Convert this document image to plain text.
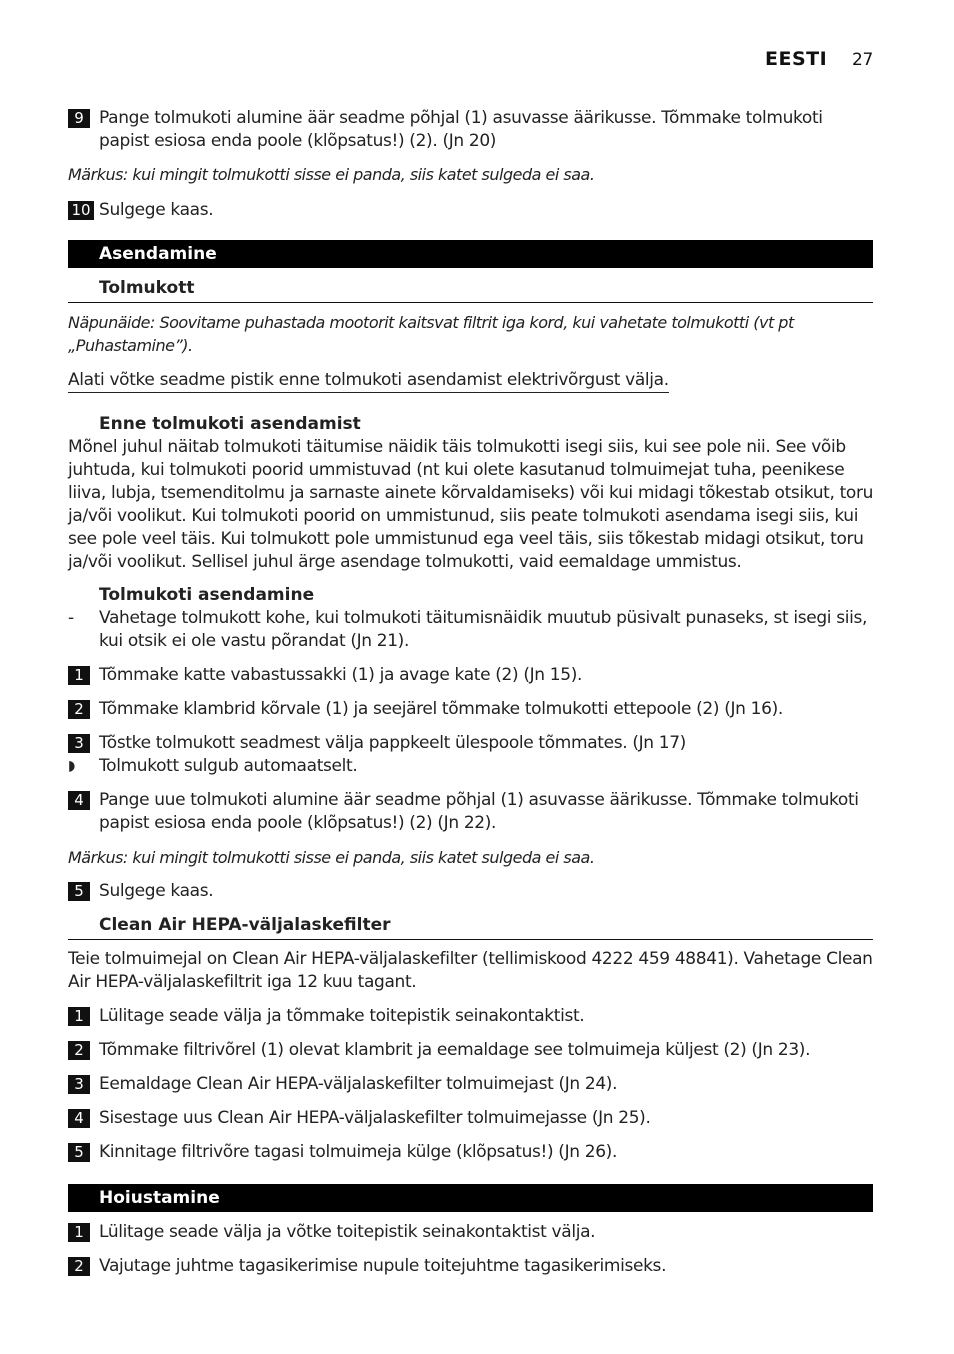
EESTI 27
9 Pange tolmukoti alumine äär seadme põhjal (1) asuvasse äärikusse. Tõmmake tolmukoti papist esiosa enda poole (klõpsatus!) (2). (Jn 20)
Märkus: kui mingit tolmukotti sisse ei panda, siis katet sulgeda ei saa.
10 Sulgege kaas.
Asendamine
Tolmukott
Näpunäide: Soovitame puhastada mootorit kaitsvat filtrit iga kord, kui vahetate tolmukotti (vt pt „Puhastamine”).
Alati võtke seadme pistik enne tolmukoti asendamist elektrivõrgust välja.
Enne tolmukoti asendamist
Mõnel juhul näitab tolmukoti täitumise näidik täis tolmukotti isegi siis, kui see pole nii. See võib juhtuda, kui tolmukoti poorid ummistuvad (nt kui olete kasutanud tolmuimejat tuha, peenikese liiva, lubja, tsemenditolmu ja sarnaste ainete kõrvaldamiseks) või kui midagi tõkestab otsikut, toru ja/või voolikut. Kui tolmukoti poorid on ummistunud, siis peate tolmukoti asendama isegi siis, kui see pole veel täis. Kui tolmukott pole ummistunud ega veel täis, siis tõkestab midagi otsikut, toru ja/või voolikut. Sellisel juhul ärge asendage tolmukotti, vaid eemaldage ummistus.
Tolmukoti asendamine
- Vahetage tolmukott kohe, kui tolmukoti täitumisnäidik muutub püsivalt punaseks, st isegi siis, kui otsik ei ole vastu põrandat (Jn 21).
1 Tõmmake katte vabastussakki (1) ja avage kate (2) (Jn 15).
2 Tõmmake klambrid kõrvale (1) ja seejärel tõmmake tolmukotti ettepoole (2) (Jn 16).
3 Tõstke tolmukott seadmest välja pappkeelt ülespoole tõmmates. (Jn 17)
◗ Tolmukott sulgub automaatselt.
4 Pange uue tolmukoti alumine äär seadme põhjal (1) asuvasse äärikusse. Tõmmake tolmukoti papist esiosa enda poole (klõpsatus!) (2) (Jn 22).
Märkus: kui mingit tolmukotti sisse ei panda, siis katet sulgeda ei saa.
5 Sulgege kaas.
Clean Air HEPA-väljalaskefilter
Teie tolmuimejal on Clean Air HEPA-väljalaskefilter (tellimiskood 4222 459 48841). Vahetage Clean Air HEPA-väljalaskefiltrit iga 12 kuu tagant.
1 Lülitage seade välja ja tõmmake toitepistik seinakontaktist.
2 Tõmmake filtrivõrel (1) olevat klambrit ja eemaldage see tolmuimeja küljest (2) (Jn 23).
3 Eemaldage Clean Air HEPA-väljalaskefilter tolmuimejast (Jn 24).
4 Sisestage uus Clean Air HEPA-väljalaskefilter tolmuimejasse (Jn 25).
5 Kinnitage filtrivõre tagasi tolmuimeja külge (klõpsatus!) (Jn 26).
Hoiustamine
1 Lülitage seade välja ja võtke toitepistik seinakontaktist välja.
2 Vajutage juhtme tagasikerimise nupule toitejuhtme tagasikerimiseks.
